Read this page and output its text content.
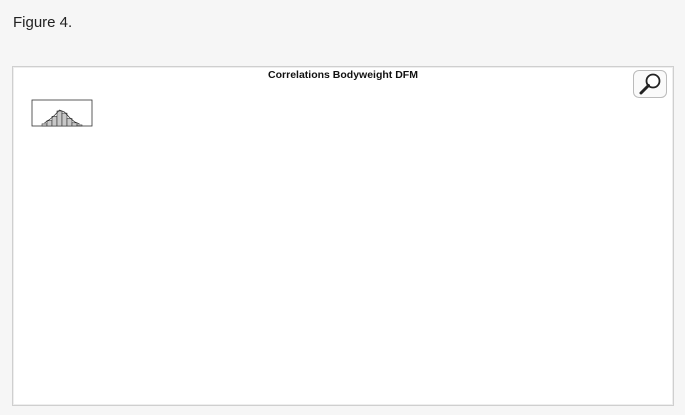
Figure 4.
Correlations Bodyweight DFM
